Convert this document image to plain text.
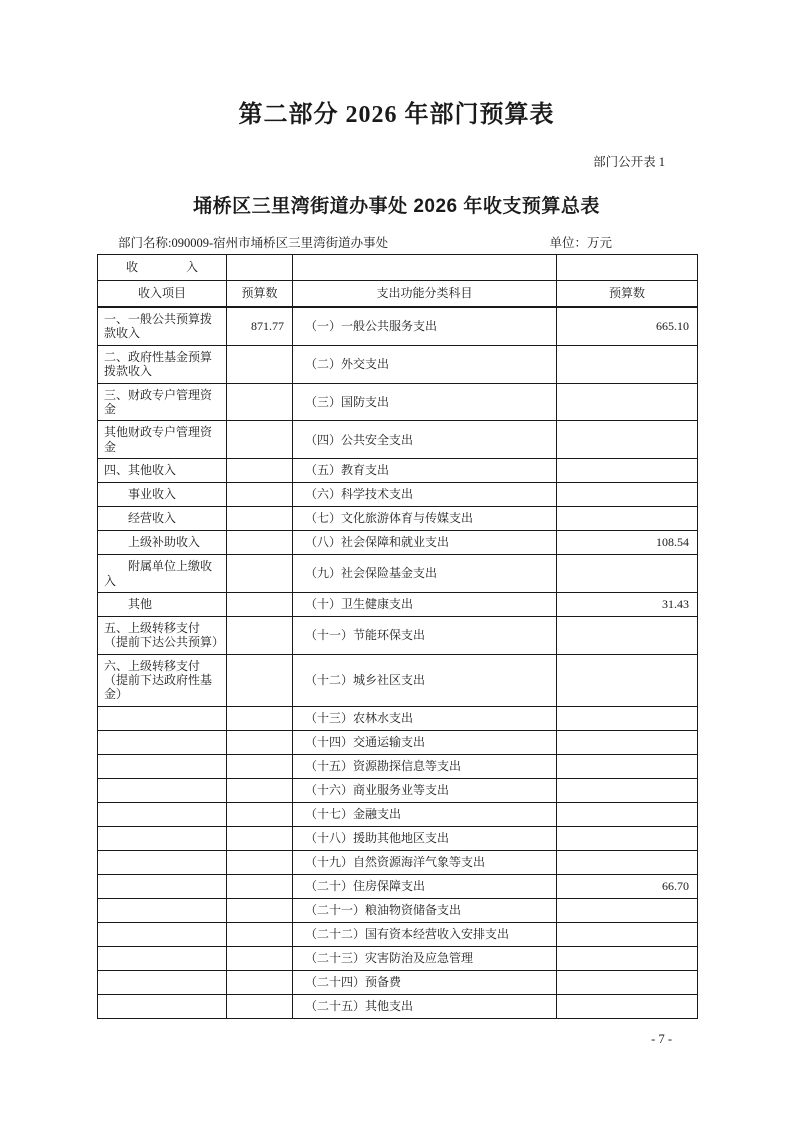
第二部分 2026 年部门预算表
部门公开表 1
埇桥区三里湾街道办事处 2026 年收支预算总表
部门名称:090009-宿州市埇桥区三里湾街道办事处	单位：万元
收　　　　入			
收入项目	预算数	支出功能分类科目	预算数
一、一般公共预算拨款收入	871.77	（一）一般公共服务支出	665.10
二、政府性基金预算拨款收入		（二）外交支出	
三、财政专户管理资金		（三）国防支出	
其他财政专户管理资金		（四）公共安全支出	
四、其他收入		（五）教育支出	
事业收入		（六）科学技术支出	
经营收入		（七）文化旅游体育与传媒支出	
上级补助收入		（八）社会保障和就业支出	108.54
附属单位上缴收入		（九）社会保险基金支出	
其他		（十）卫生健康支出	31.43
五、上级转移支付（提前下达公共预算）		（十一）节能环保支出	
六、上级转移支付（提前下达政府性基金）		（十二）城乡社区支出	
		（十三）农林水支出	
		（十四）交通运输支出	
		（十五）资源勘探信息等支出	
		（十六）商业服务业等支出	
		（十七）金融支出	
		（十八）援助其他地区支出	
		（十九）自然资源海洋气象等支出	
		（二十）住房保障支出	66.70
		（二十一）粮油物资储备支出	
		（二十二）国有资本经营收入安排支出	
		（二十三）灾害防治及应急管理	
		（二十四）预备费	
		（二十五）其他支出	
- 7 -
